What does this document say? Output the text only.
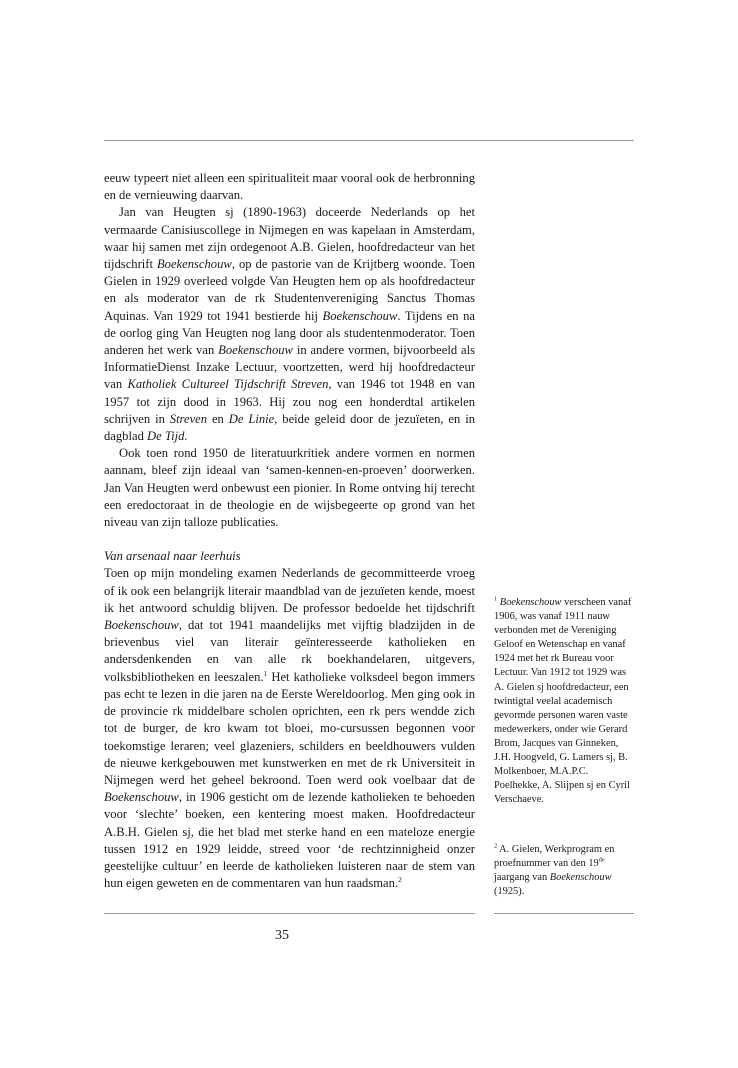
eeuw typeert niet alleen een spiritualiteit maar vooral ook de herbronning en de vernieuwing daarvan.

Jan van Heugten sj (1890-1963) doceerde Nederlands op het vermaarde Canisiuscollege in Nijmegen en was kapelaan in Amsterdam, waar hij samen met zijn ordegenoot A.B. Gielen, hoofdredacteur van het tijdschrift Boekenschouw, op de pastorie van de Krijtberg woonde. Toen Gielen in 1929 overleed volgde Van Heugten hem op als hoofdredacteur en als moderator van de rk Studentenvereniging Sanctus Thomas Aquinas. Van 1929 tot 1941 bestierde hij Boekenschouw. Tijdens en na de oorlog ging Van Heugten nog lang door als studentenmoderator. Toen anderen het werk van Boekenschouw in andere vormen, bijvoorbeeld als InformatieDienst Inzake Lectuur, voortzetten, werd hij hoofdredacteur van Katholiek Cultureel Tijdschrift Streven, van 1946 tot 1948 en van 1957 tot zijn dood in 1963. Hij zou nog een honderdtal artikelen schrijven in Streven en De Linie, beide geleid door de jezuïeten, en in dagblad De Tijd.

Ook toen rond 1950 de literatuurkritiek andere vormen en normen aannam, bleef zijn ideaal van ‘samen-kennen-en-proeven’ doorwerken. Jan Van Heugten werd onbewust een pionier. In Rome ontving hij terecht een eredoctoraat in de theologie en de wijsbegeerte op grond van het niveau van zijn talloze publicaties.

Van arsenaal naar leerhuis

Toen op mijn mondeling examen Nederlands de gecommitteerde vroeg of ik ook een belangrijk literair maandblad van de jezuïeten kende, moest ik het antwoord schuldig blijven. De professor bedoelde het tijdschrift Boekenschouw, dat tot 1941 maandelijks met vijftig bladzijden in de brievenbus viel van literair geïnteresseerde katholieken en andersdenkenden en van alle rk boekhandelaren, uitgevers, volksbibliotheken en leeszalen.$^1$ Het katholieke volksdeel begon immers pas echt te lezen in die jaren na de Eerste Wereldoorlog. Men ging ook in de provincie rk middelbare scholen oprichten, een rk pers wendde zich tot de burger, de kro kwam tot bloei, mo-cursussen begonnen voor toekomstige leraren; veel glazeniers, schilders en beeldhouwers vulden de nieuwe kerkgebouwen met kunstwerken en met de rk Universiteit in Nijmegen werd het geheel bekroond. Toen werd ook voelbaar dat de Boekenschouw, in 1906 gesticht om de lezende katholieken te behoeden voor ‘slechte’ boeken, een kentering moest maken. Hoofdredacteur A.B.H. Gielen sj, die het blad met sterke hand en een mateloze energie tussen 1912 en 1929 leidde, streed voor ‘de rechtzinnigheid onzer geestelijke cultuur’ en leerde de katholieken luisteren naar de stem van hun eigen geweten en de commentaren van hun raadsman.$^2$

$^1$ Boekenschouw verscheen vanaf 1906, was vanaf 1911 nauw verbonden met de Vereniging Geloof en Wetenschap en vanaf 1924 met het rk Bureau voor Lectuur. Van 1912 tot 1929 was A. Gielen sj hoofdredacteur, een twintigtal veelal academisch gevormde personen waren vaste medewerkers, onder wie Gerard Brom, Jacques van Ginneken, J.H. Hoogveld, G. Lamers sj, B. Molkenboer, M.A.P.C. Poelhekke, A. Slijpen sj en Cyril Verschaeve.
$^2$ A. Gielen, Werkprogram en proefnummer van den 19de jaargang van Boekenschouw (1925).
35
